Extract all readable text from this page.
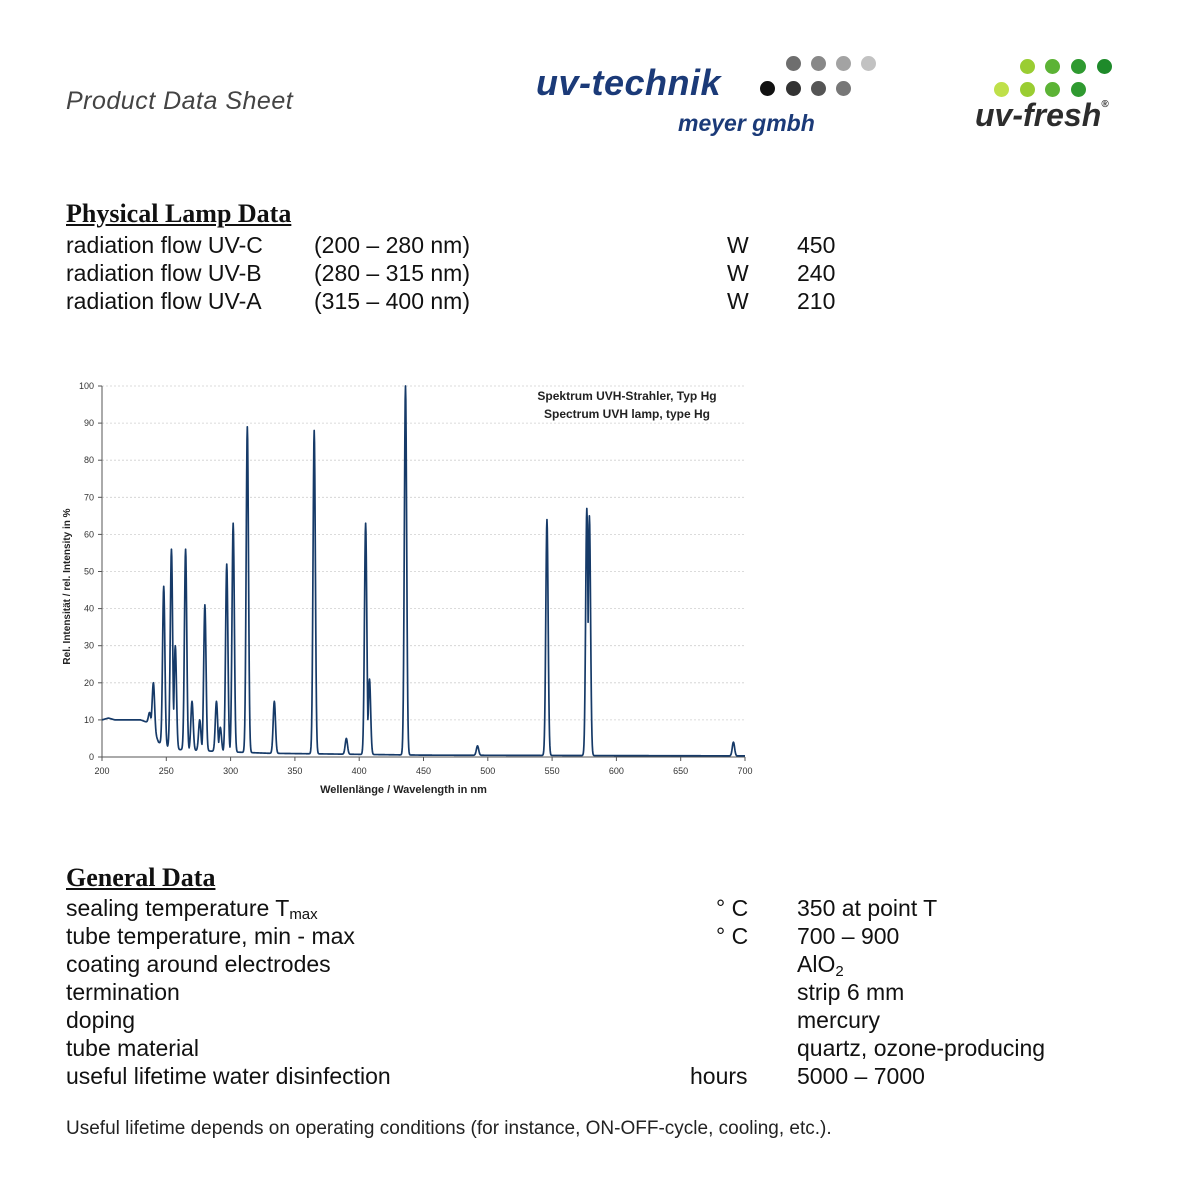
Product Data Sheet	uv-technik
meyer gmbh	uv-fresh®
Physical Lamp Data
radiation flow UV-C (200 – 280 nm)	W 450
radiation flow UV-B (280 – 315 nm)	W 240
radiation flow UV-A (315 – 400 nm)	W 210
0
10
20
30
40
50
60
70
80
90
100
200	250	300	350	400	450	500	550	600	650	700
Wellenlänge / Wavelength in nm
Rel. Intensität / rel. Intensity in %
Spektrum UVH-Strahler, Typ Hg
Spectrum UVH lamp, type Hg
General Data
sealing temperature $T_{max}$	° C 350 at point T
tube temperature, min - max	° C 700 – 900
coating around electrodes	AlO2
termination	strip 6 mm
doping	mercury
tube material	quartz, ozone-producing
useful lifetime water disinfection	hours 5000 – 7000
Useful lifetime depends on operating conditions (for instance, ON-OFF-cycle, cooling, etc.).
